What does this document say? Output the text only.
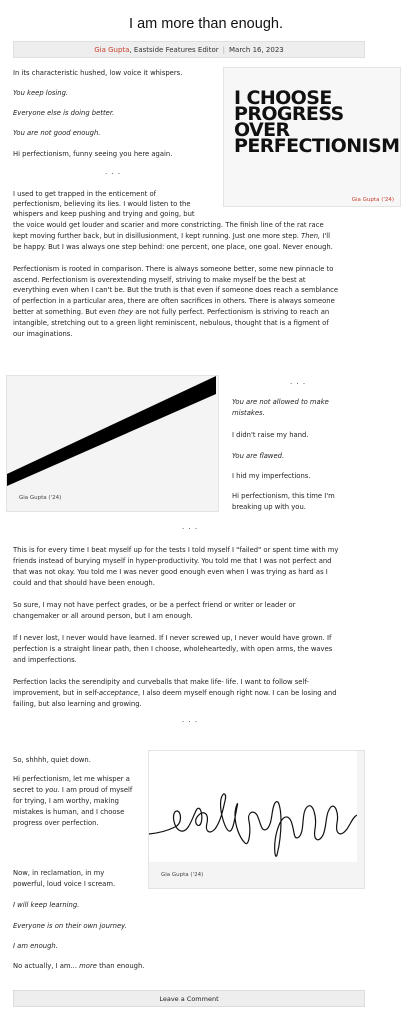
I am more than enough.
Gia Gupta , Eastside Features Editor | March 16, 2023

In its characteristic hushed, low voice it whispers.

You keep losing.

Everyone else is doing better.

You are not good enough.

Hi perfectionism, funny seeing you here again.

. . .
I CHOOSE
PROGRESS
OVER
PERFECTIONISM
Gia Gupta ('24)

I used to get trapped in the enticement of

perfectionism, believing its lies. I would listen to the

whispers and keep pushing and trying and going, but

the voice would get louder and scarier and more constricting. The finish line of the rat race

kept moving further back, but in disillusionment, I kept running. Just one more step. Then, I'll

be happy. But I was always one step behind: one percent, one place, one goal. Never enough.

Perfectionism is rooted in comparison. There is always someone better, some new pinnacle to

ascend. Perfectionism is overextending myself, striving to make myself be the best at

everything even when I can't be. But the truth is that even if someone does reach a semblance

of perfection in a particular area, there are often sacrifices in others. There is always someone

better at something. But even they are not fully perfect. Perfectionism is striving to reach an

intangible, stretching out to a green light reminiscent, nebulous, thought that is a figment of

our imaginations.

Gia Gupta ('24)
. . .

You are not allowed to make

mistakes.

I didn't raise my hand.

You are flawed.

I hid my imperfections.

Hi perfectionism, this time I'm

breaking up with you.

. . .

This is for every time I beat myself up for the tests I told myself I "failed" or spent time with my

friends instead of burying myself in hyper-productivity. You told me that I was not perfect and

that was not okay. You told me I was never good enough even when I was trying as hard as I

could and that should have been enough.

So sure, I may not have perfect grades, or be a perfect friend or writer or leader or

changemaker or all around person, but I am enough.

If I never lost, I never would have learned. If I never screwed up, I never would have grown. If

perfection is a straight linear path, then I choose, wholeheartedly, with open arms, the waves

and imperfections.

Perfection lacks the serendipity and curveballs that make life- life. I want to follow self-

improvement, but in self-acceptance, I also deem myself enough right now. I can be losing and

failing, but also learning and growing.

. . .
Gia Gupta ('24)

So, shhhh, quiet down.

Hi perfectionism, let me whisper a

secret to you. I am proud of myself

for trying, I am worthy, making

mistakes is human, and I choose

progress over perfection.

Now, in reclamation, in my

powerful, loud voice I scream.

I will keep learning.

Everyone is on their own journey.

I am enough.

No actually, I am... more than enough.

Leave a Comment
